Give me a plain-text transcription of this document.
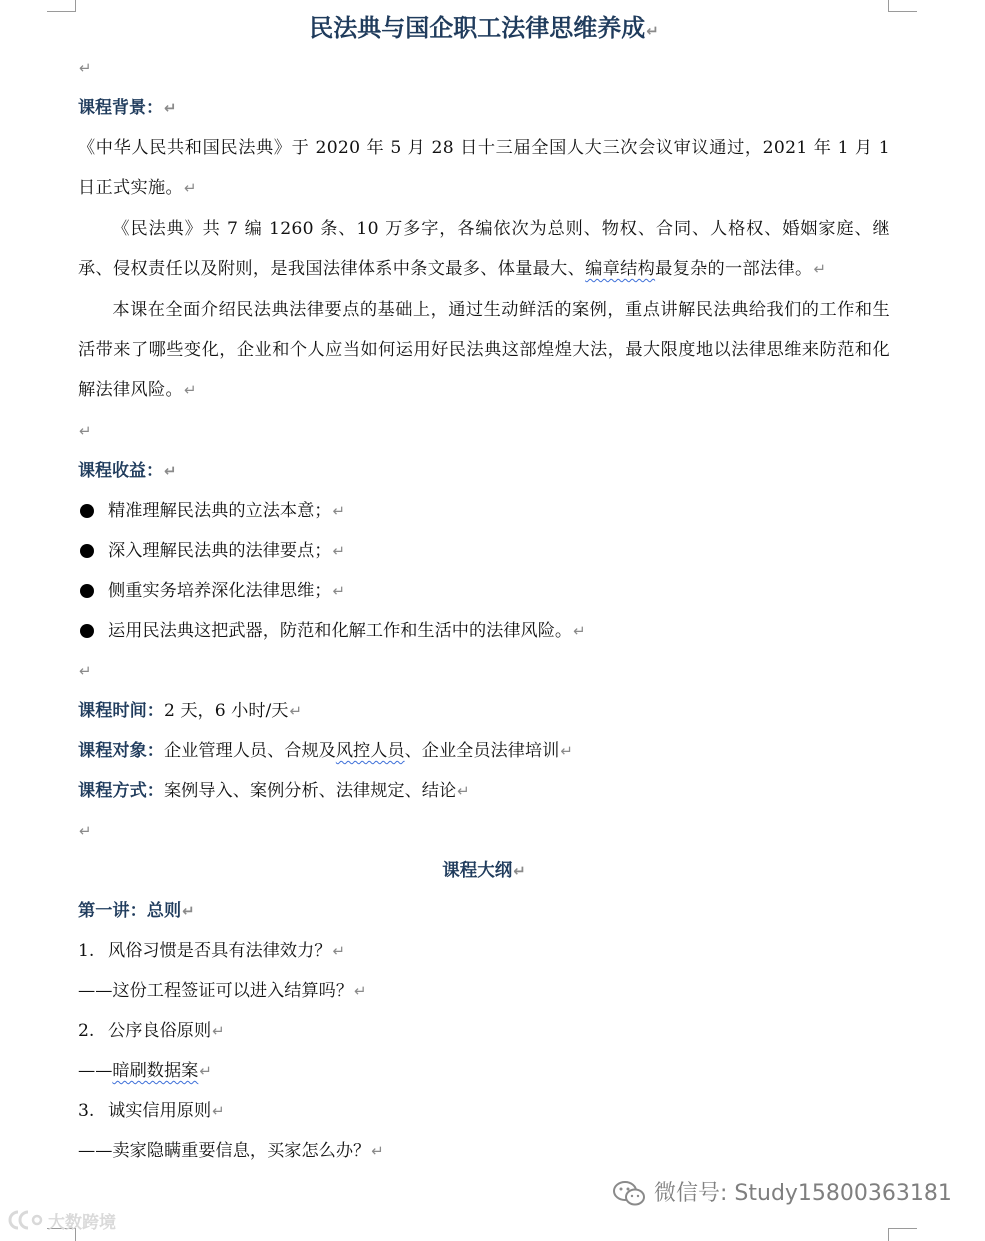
民法典与国企职工法律思维养成↵
↵
课程背景：↵

《中华人民共和国民法典》于 2020 年 5 月 28 日十三届全国人大三次会议审议通过，2021 年 1 月 1 日正式实施。↵

《民法典》共 7 编 1260 条、10 万多字，各编依次为总则、物权、合同、人格权、婚姻家庭、继承、侵权责任以及附则，是我国法律体系中条文最多、体量最大、编章结构最复杂的一部法律。↵

本课在全面介绍民法典法律要点的基础上，通过生动鲜活的案例，重点讲解民法典给我们的工作和生活带来了哪些变化，企业和个人应当如何运用好民法典这部煌煌大法，最大限度地以法律思维来防范和化解法律风险。↵

↵
课程收益：↵
精准理解民法典的立法本意；↵
深入理解民法典的法律要点；↵
侧重实务培养深化法律思维；↵
运用民法典这把武器，防范和化解工作和生活中的法律风险。↵
↵
课程时间：2 天，6 小时/天↵
课程对象：企业管理人员、合规及风控人员、企业全员法律培训↵
课程方式：案例导入、案例分析、法律规定、结论↵
↵
课程大纲↵
第一讲：总则↵
1. 风俗习惯是否具有法律效力？↵
——这份工程签证可以进入结算吗？↵
2. 公序良俗原则↵
——暗刷数据案↵
3. 诚实信用原则↵
——卖家隐瞒重要信息，买家怎么办？↵
微信号: Study15800363181
大数跨境
